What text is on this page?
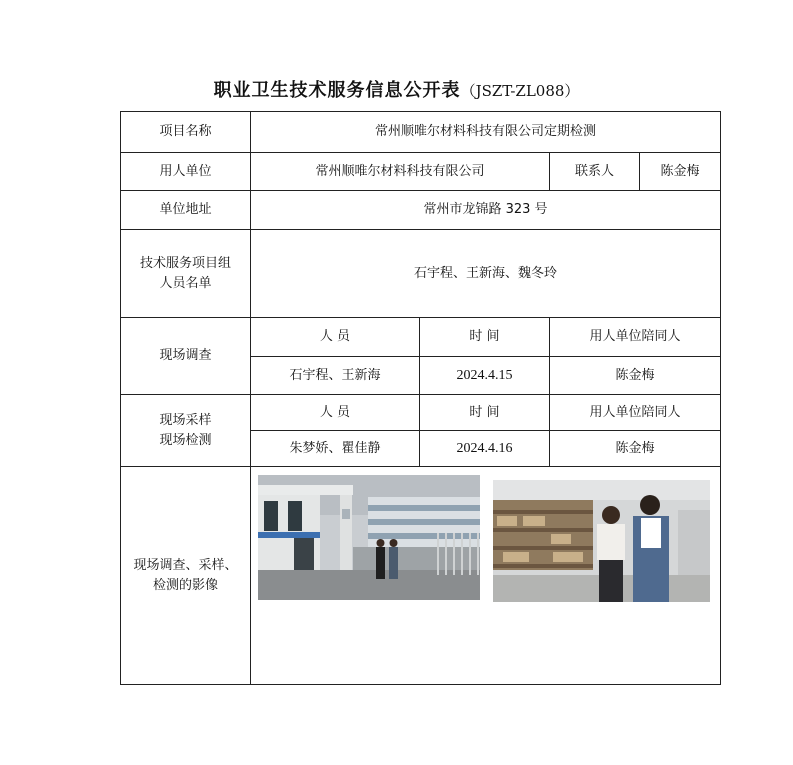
职业卫生技术服务信息公开表（JSZT-ZL088）
项目名称	常州顺唯尔材料科技有限公司定期检测			
用人单位	常州顺唯尔材料科技有限公司		联系人	陈金梅
单位地址	常州市龙锦路 323 号			

技术服务项目组
人员名单	石宇程、王新海、魏冬玲			
现场调查	人 员	时 间	用人单位陪同人	
	石宇程、王新海	2024.4.15	陈金梅	

现场采样
现场检测	人 员	时 间	用人单位陪同人	
	朱梦娇、瞿佳静	2024.4.16	陈金梅	

现场调查、采样、
检测的影像
